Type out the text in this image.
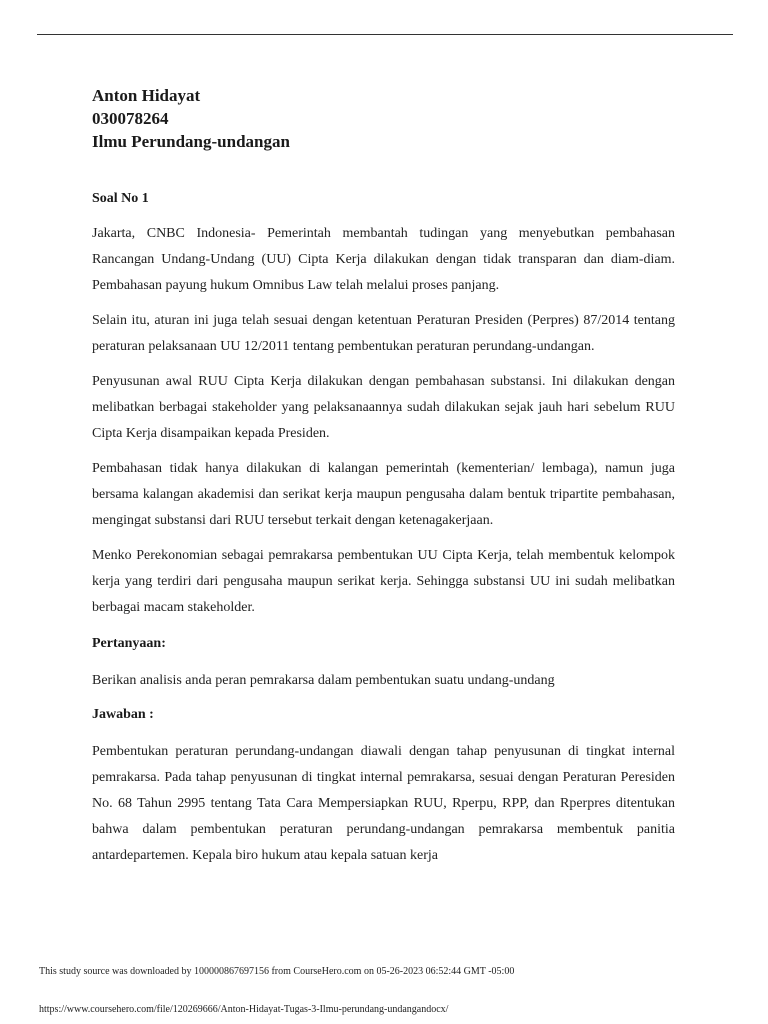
Anton Hidayat

030078264

Ilmu Perundang-undangan

Soal No 1

Jakarta, CNBC Indonesia- Pemerintah membantah tudingan yang menyebutkan pembahasan Rancangan Undang-Undang (UU) Cipta Kerja dilakukan dengan tidak transparan dan diam-diam. Pembahasan payung hukum Omnibus Law telah melalui proses panjang.

Selain itu, aturan ini juga telah sesuai dengan ketentuan Peraturan Presiden (Perpres) 87/2014 tentang peraturan pelaksanaan UU 12/2011 tentang pembentukan peraturan perundang-undangan.

Penyusunan awal RUU Cipta Kerja dilakukan dengan pembahasan substansi. Ini dilakukan dengan melibatkan berbagai stakeholder yang pelaksanaannya sudah dilakukan sejak jauh hari sebelum RUU Cipta Kerja disampaikan kepada Presiden.

Pembahasan tidak hanya dilakukan di kalangan pemerintah (kementerian/ lembaga), namun juga bersama kalangan akademisi dan serikat kerja maupun pengusaha dalam bentuk tripartite pembahasan, mengingat substansi dari RUU tersebut terkait dengan ketenagakerjaan.

Menko Perekonomian sebagai pemrakarsa pembentukan UU Cipta Kerja, telah membentuk kelompok kerja yang terdiri dari pengusaha maupun serikat kerja. Sehingga substansi UU ini sudah melibatkan berbagai macam stakeholder.

Pertanyaan:

Berikan analisis anda peran pemrakarsa dalam pembentukan suatu undang-undang

Jawaban :

Pembentukan peraturan perundang-undangan diawali dengan tahap penyusunan di tingkat internal pemrakarsa. Pada tahap penyusunan di tingkat internal pemrakarsa, sesuai dengan Peraturan Peresiden No. 68 Tahun 2995 tentang Tata Cara Mempersiapkan RUU, Rperpu, RPP, dan Rperpres ditentukan bahwa dalam pembentukan peraturan perundang-undangan pemrakarsa membentuk panitia antardepartemen. Kepala biro hukum atau kepala satuan kerja

This study source was downloaded by 100000867697156 from CourseHero.com on 05-26-2023 06:52:44 GMT -05:00
https://www.coursehero.com/file/120269666/Anton-Hidayat-Tugas-3-Ilmu-perundang-undangandocx/
